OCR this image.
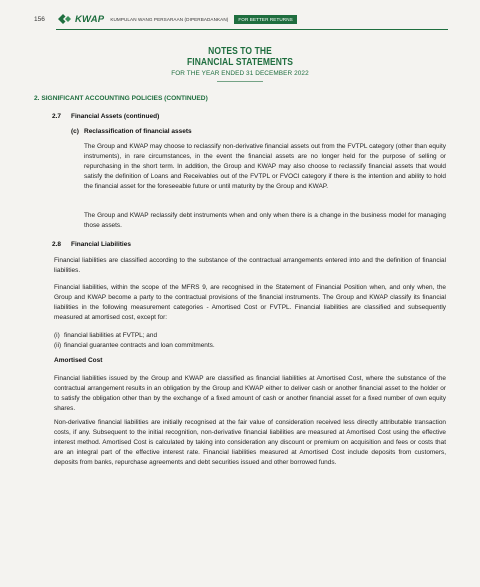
156	KWAP KUMPULAN WANG PERSARAAN (DIPERBADANKAN)	FOR BETTER RETURNS
NOTES TO THE
FINANCIAL STATEMENTS
FOR THE YEAR ENDED 31 DECEMBER 2022
2. SIGNIFICANT ACCOUNTING POLICIES (CONTINUED)
2.7 Financial Assets (continued)
(c) Reclassification of financial assets
The Group and KWAP may choose to reclassify non-derivative financial assets out from the FVTPL category (other than equity instruments), in rare circumstances, in the event the financial assets are no longer held for the purpose of selling or repurchasing in the short term. In addition, the Group and KWAP may also choose to reclassify financial assets that would satisfy the definition of Loans and Receivables out of the FVTPL or FVOCI category if there is the intention and ability to hold the financial asset for the foreseeable future or until maturity by the Group and KWAP.
The Group and KWAP reclassify debt instruments when and only when there is a change in the business model for managing those assets.
2.8 Financial Liabilities
Financial liabilities are classified according to the substance of the contractual arrangements entered into and the definition of financial liabilities.
Financial liabilities, within the scope of the MFRS 9, are recognised in the Statement of Financial Position when, and only when, the Group and KWAP become a party to the contractual provisions of the financial instruments. The Group and KWAP classify its financial liabilities in the following measurement categories - Amortised Cost or FVTPL. Financial liabilities are classified and subsequently measured at amortised cost, except for:
(i) financial liabilities at FVTPL; and
(ii) financial guarantee contracts and loan commitments.
Amortised Cost
Financial liabilities issued by the Group and KWAP are classified as financial liabilities at Amortised Cost, where the substance of the contractual arrangement results in an obligation by the Group and KWAP either to deliver cash or another financial asset to the holder or to satisfy the obligation other than by the exchange of a fixed amount of cash or another financial asset for a fixed number of own equity shares.
Non-derivative financial liabilities are initially recognised at the fair value of consideration received less directly attributable transaction costs, if any. Subsequent to the initial recognition, non-derivative financial liabilities are measured at Amortised Cost using the effective interest method. Amortised Cost is calculated by taking into consideration any discount or premium on acquisition and fees or costs that are an integral part of the effective interest rate. Financial liabilities measured at Amortised Cost include deposits from customers, deposits from banks, repurchase agreements and debt securities issued and other borrowed funds.
